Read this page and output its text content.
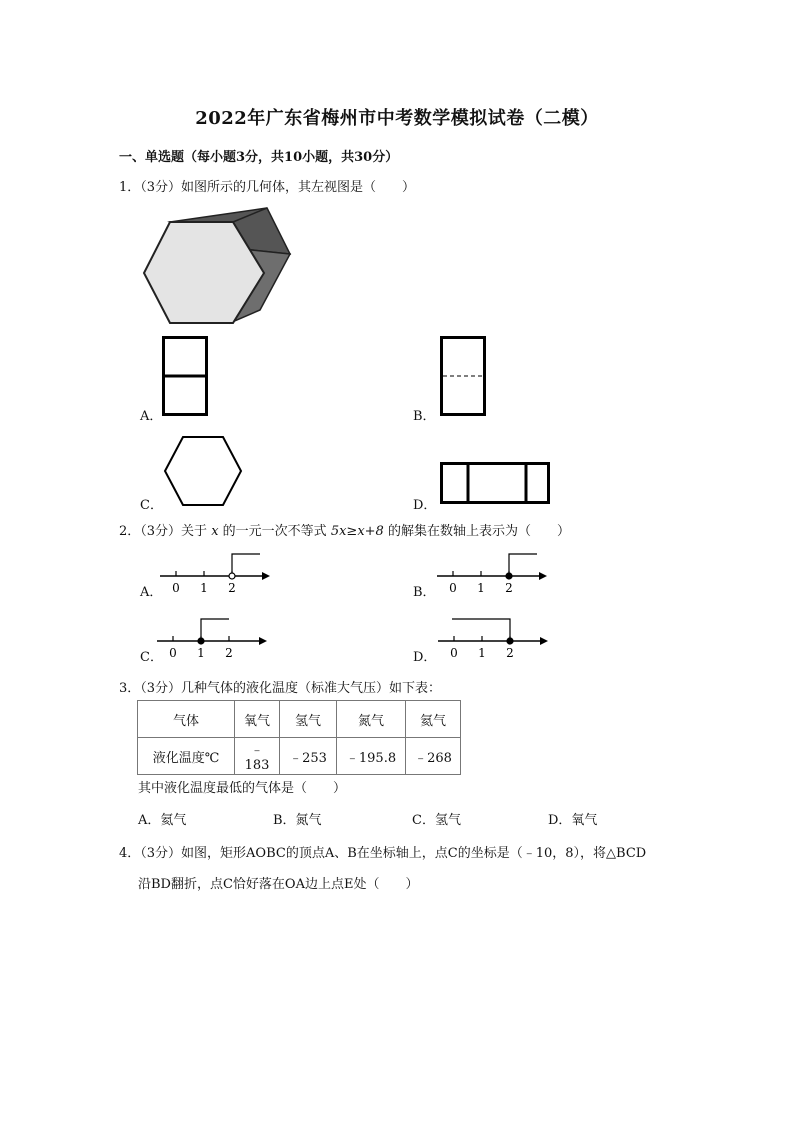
2022年广东省梅州市中考数学模拟试卷（二模）
一、单选题（每小题3分，共10小题，共30分）
1．（3分）如图所示的几何体，其左视图是（　　）
A．	B．
C．	D．
2．（3分）关于 x 的一元一次不等式 5x≥x+8 的解集在数轴上表示为（　　）
A． 0 1 2	B． 0 1 2
C． 0 1 2	D． 0 1 2
3．（3分）几种气体的液化温度（标准大气压）如下表：
气体	氧气	氢气	氮气	氦气
液化温度℃	﹣183	﹣253	﹣195.8	﹣268
其中液化温度最低的气体是（　　）
A．氦气	B．氮气	C．氢气	D．氧气
4．（3分）如图，矩形AOBC的顶点A、B在坐标轴上，点C的坐标是（﹣10，8），将△BCD
沿BD翻折，点C恰好落在OA边上点E处（　　）
